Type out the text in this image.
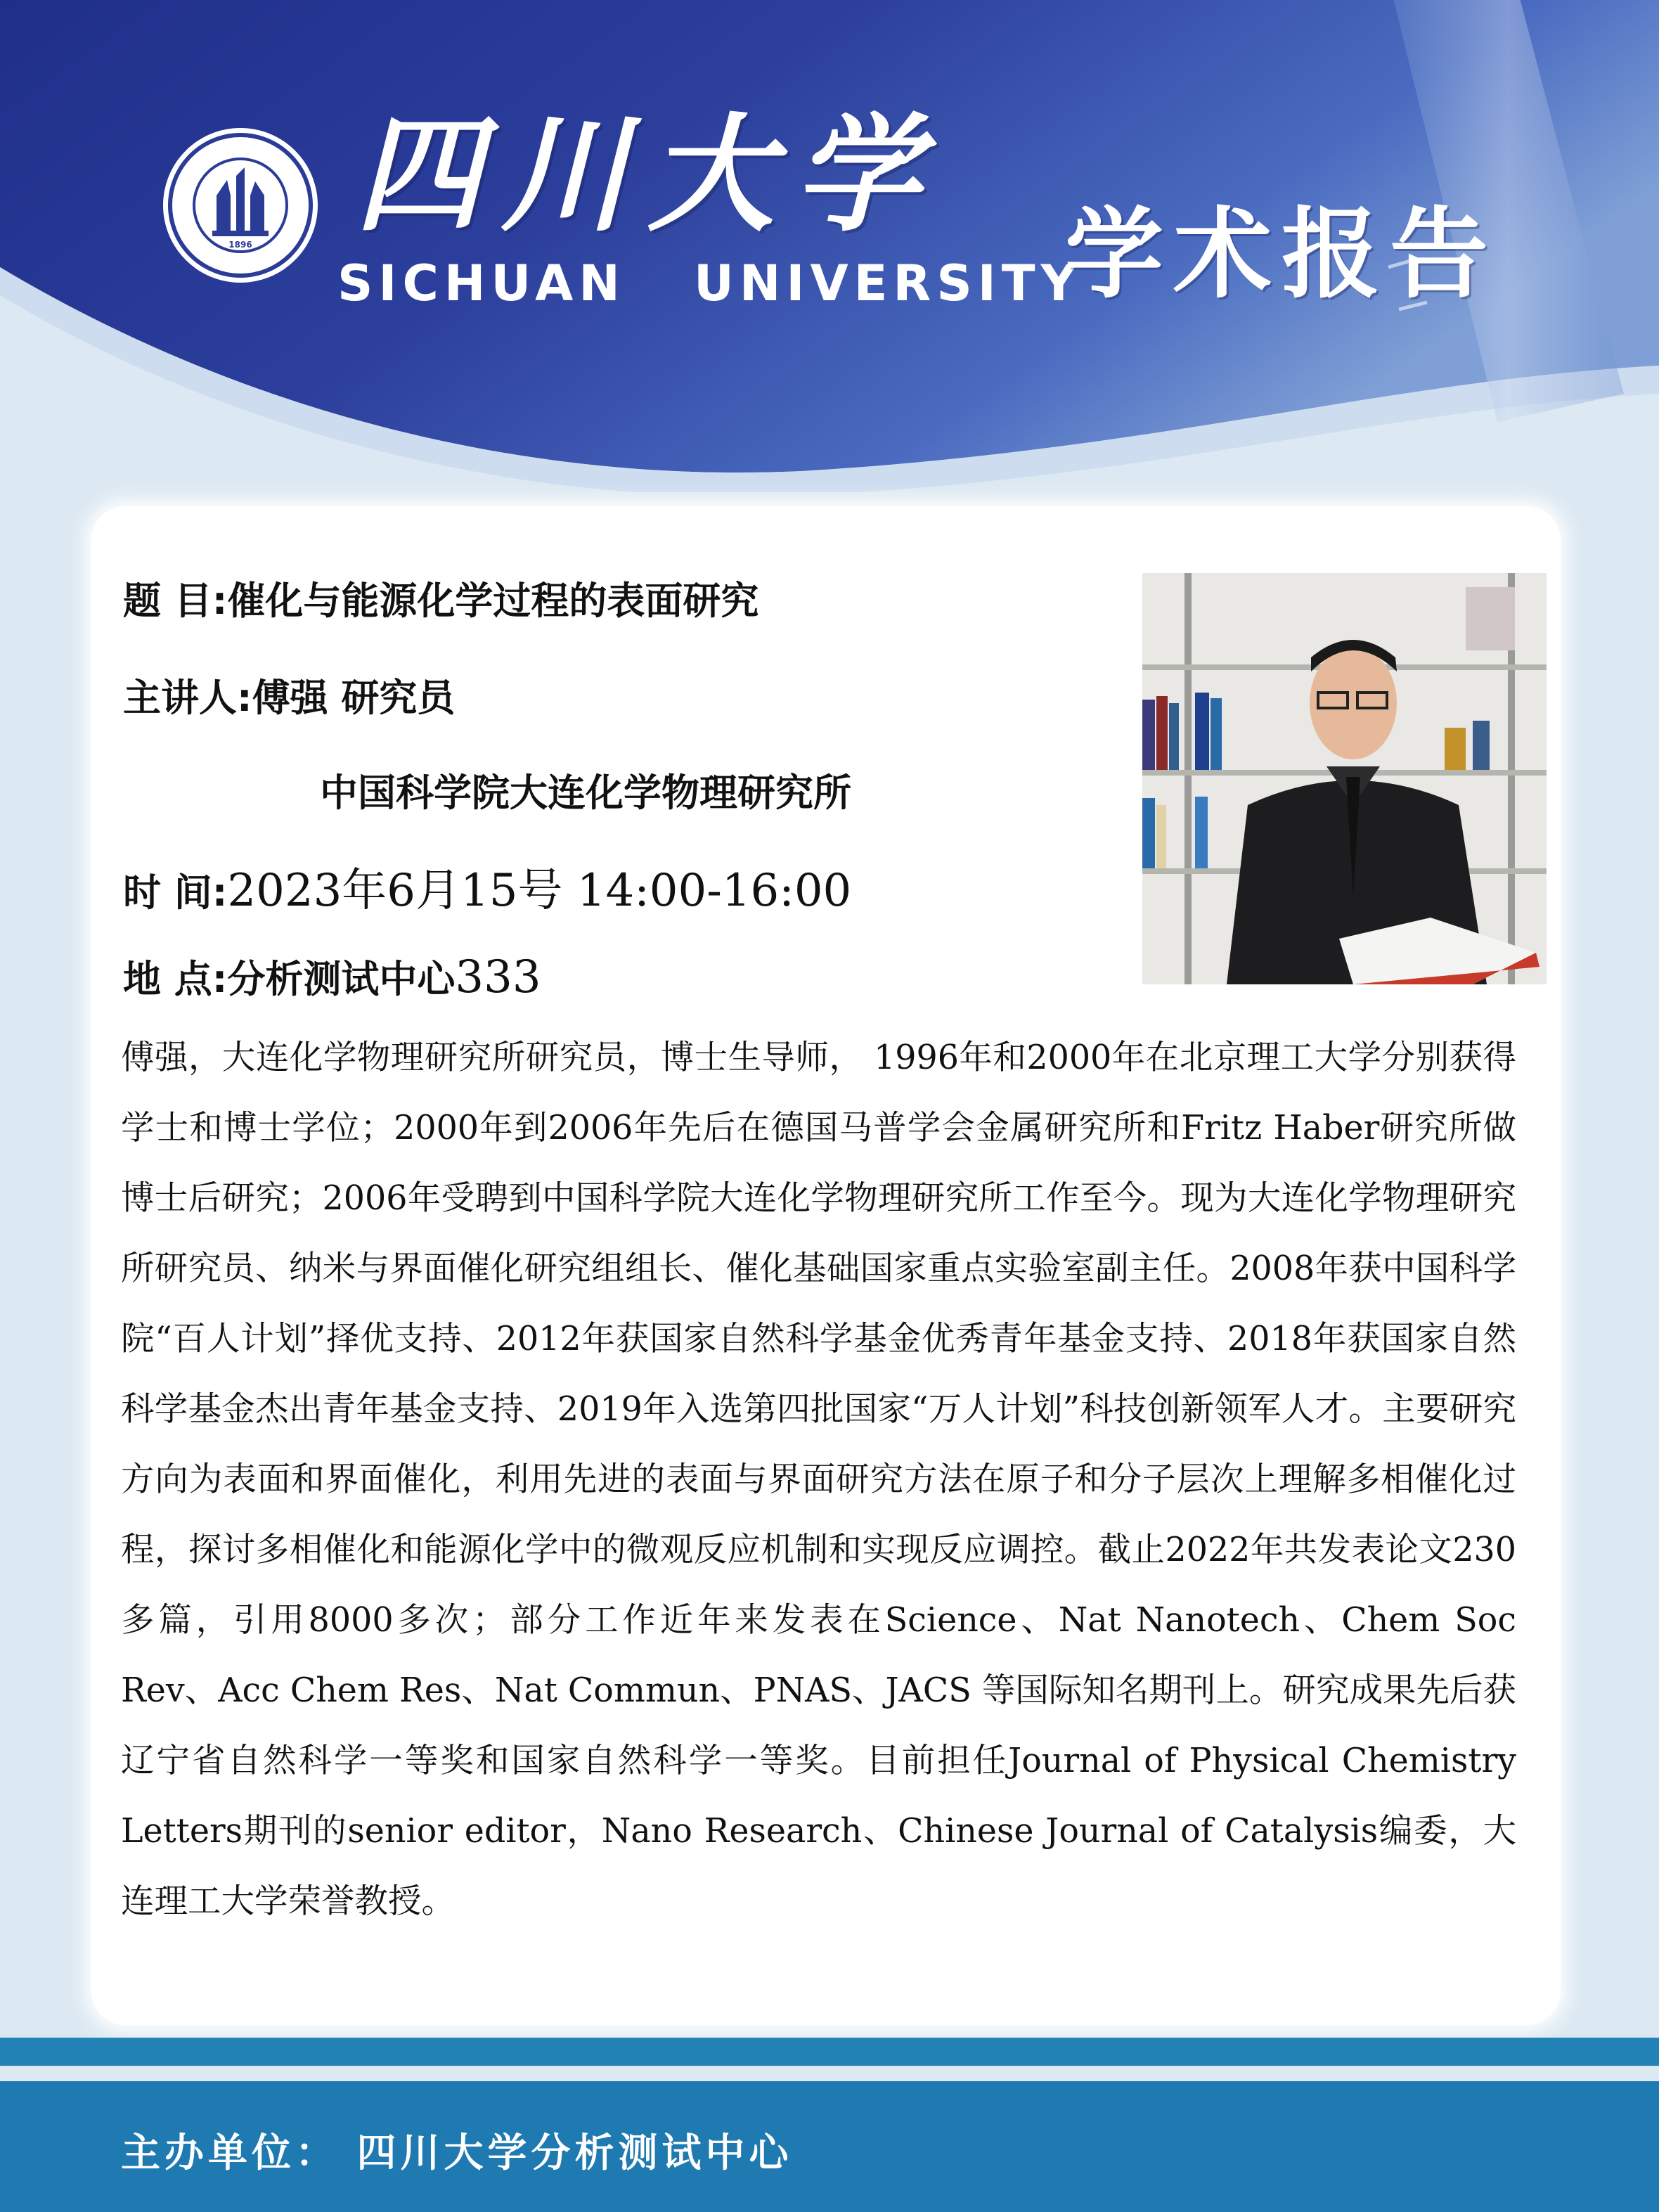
1896 四川大学
SICHUAN   UNIVERSITY
学术报告
题 目:催化与能源化学过程的表面研究
主讲人:傅强 研究员
中国科学院大连化学物理研究所
时 间:2023年6月15号 14:00-16:00
地 点:分析测试中心333
傅强，大连化学物理研究所研究员，博士生导师， 1996年和2000年在北京理工大学分别获得学士和博士学位；2000年到2006年先后在德国马普学会金属研究所和Fritz Haber研究所做博士后研究；2006年受聘到中国科学院大连化学物理研究所工作至今。现为大连化学物理研究所研究员、纳米与界面催化研究组组长、催化基础国家重点实验室副主任。2008年获中国科学院“百人计划”择优支持、2012年获国家自然科学基金优秀青年基金支持、2018年获国家自然科学基金杰出青年基金支持、2019年入选第四批国家“万人计划”科技创新领军人才。主要研究方向为表面和界面催化，利用先进的表面与界面研究方法在原子和分子层次上理解多相催化过程，探讨多相催化和能源化学中的微观反应机制和实现反应调控。截止2022年共发表论文230多篇，引用8000多次；部分工作近年来发表在Science、Nat Nanotech、Chem Soc Rev、Acc Chem Res、Nat Commun、PNAS、JACS 等国际知名期刊上。研究成果先后获辽宁省自然科学一等奖和国家自然科学一等奖。目前担任Journal of Physical Chemistry Letters期刊的senior editor，Nano Research、Chinese Journal of Catalysis编委，大连理工大学荣誉教授。
主办单位： 四川大学分析测试中心
